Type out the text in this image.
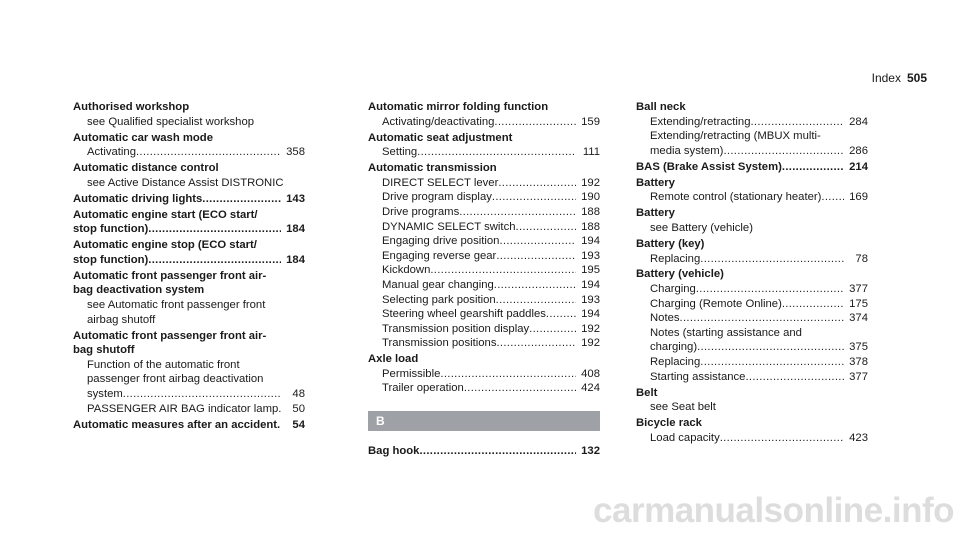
Index 505
Authorised workshop
see Qualified specialist workshop
Automatic car wash mode
Activating .....	358
Automatic distance control
see Active Distance Assist DISTRONIC
Automatic driving lights .....	143
Automatic engine start (ECO start/
stop function) .....	184
Automatic engine stop (ECO start/
stop function) .....	184
Automatic front passenger front air-
bag deactivation system
see Automatic front passenger front
airbag shutoff
Automatic front passenger front air-
bag shutoff
Function of the automatic front
passenger front airbag deactivation
system .....	48
PASSENGER AIR BAG indicator lamp .....	50
Automatic measures after an accident .....	54
Automatic mirror folding function
Activating/deactivating .....	159
Automatic seat adjustment
Setting .....	111
Automatic transmission
DIRECT SELECT lever .....	192
Drive program display .....	190
Drive programs .....	188
DYNAMIC SELECT switch .....	188
Engaging drive position .....	194
Engaging reverse gear .....	193
Kickdown .....	195
Manual gear changing .....	194
Selecting park position .....	193
Steering wheel gearshift paddles .....	194
Transmission position display .....	192
Transmission positions .....	192
Axle load
Permissible .....	408
Trailer operation .....	424
B
Bag hook .....	132
Ball neck
Extending/retracting .....	284
Extending/retracting (MBUX multi-
media system) .....	286
BAS (Brake Assist System) .....	214
Battery
Remote control (stationary heater) .....	169
Battery
see Battery (vehicle)
Battery (key)
Replacing .....	78
Battery (vehicle)
Charging .....	377
Charging (Remote Online) .....	175
Notes .....	374
Notes (starting assistance and
charging) .....	375
Replacing .....	378
Starting assistance .....	377
Belt
see Seat belt
Bicycle rack
Load capacity .....	423
carmanualsonline.info
